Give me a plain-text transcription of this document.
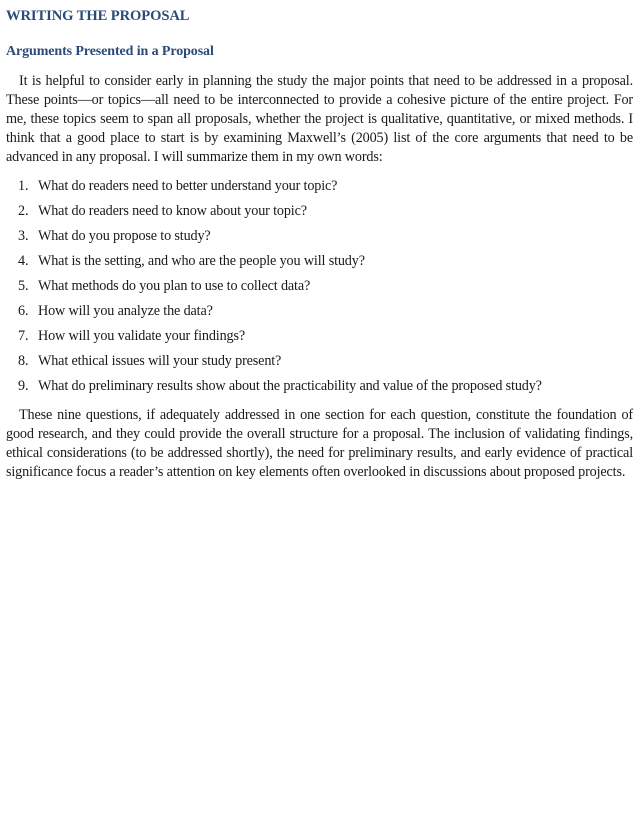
WRITING THE PROPOSAL
Arguments Presented in a Proposal

It is helpful to consider early in planning the study the major points that need to be addressed in a proposal. These points—or topics—all need to be interconnected to provide a cohesive picture of the entire project. For me, these topics seem to span all proposals, whether the project is qualitative, quantitative, or mixed methods. I think that a good place to start is by examining Maxwell’s (2005) list of the core arguments that need to be advanced in any proposal. I will summarize them in my own words:

1. What do readers need to better understand your topic?
2. What do readers need to know about your topic?
3. What do you propose to study?
4. What is the setting, and who are the people you will study?
5. What methods do you plan to use to collect data?
6. How will you analyze the data?
7. How will you validate your findings?
8. What ethical issues will your study present?
9. What do preliminary results show about the practicability and value of the proposed study?

These nine questions, if adequately addressed in one section for each question, constitute the foundation of good research, and they could provide the overall structure for a proposal. The inclusion of validating findings, ethical considerations (to be addressed shortly), the need for preliminary results, and early evidence of practical significance focus a reader’s attention on key elements often overlooked in discussions about proposed projects.
